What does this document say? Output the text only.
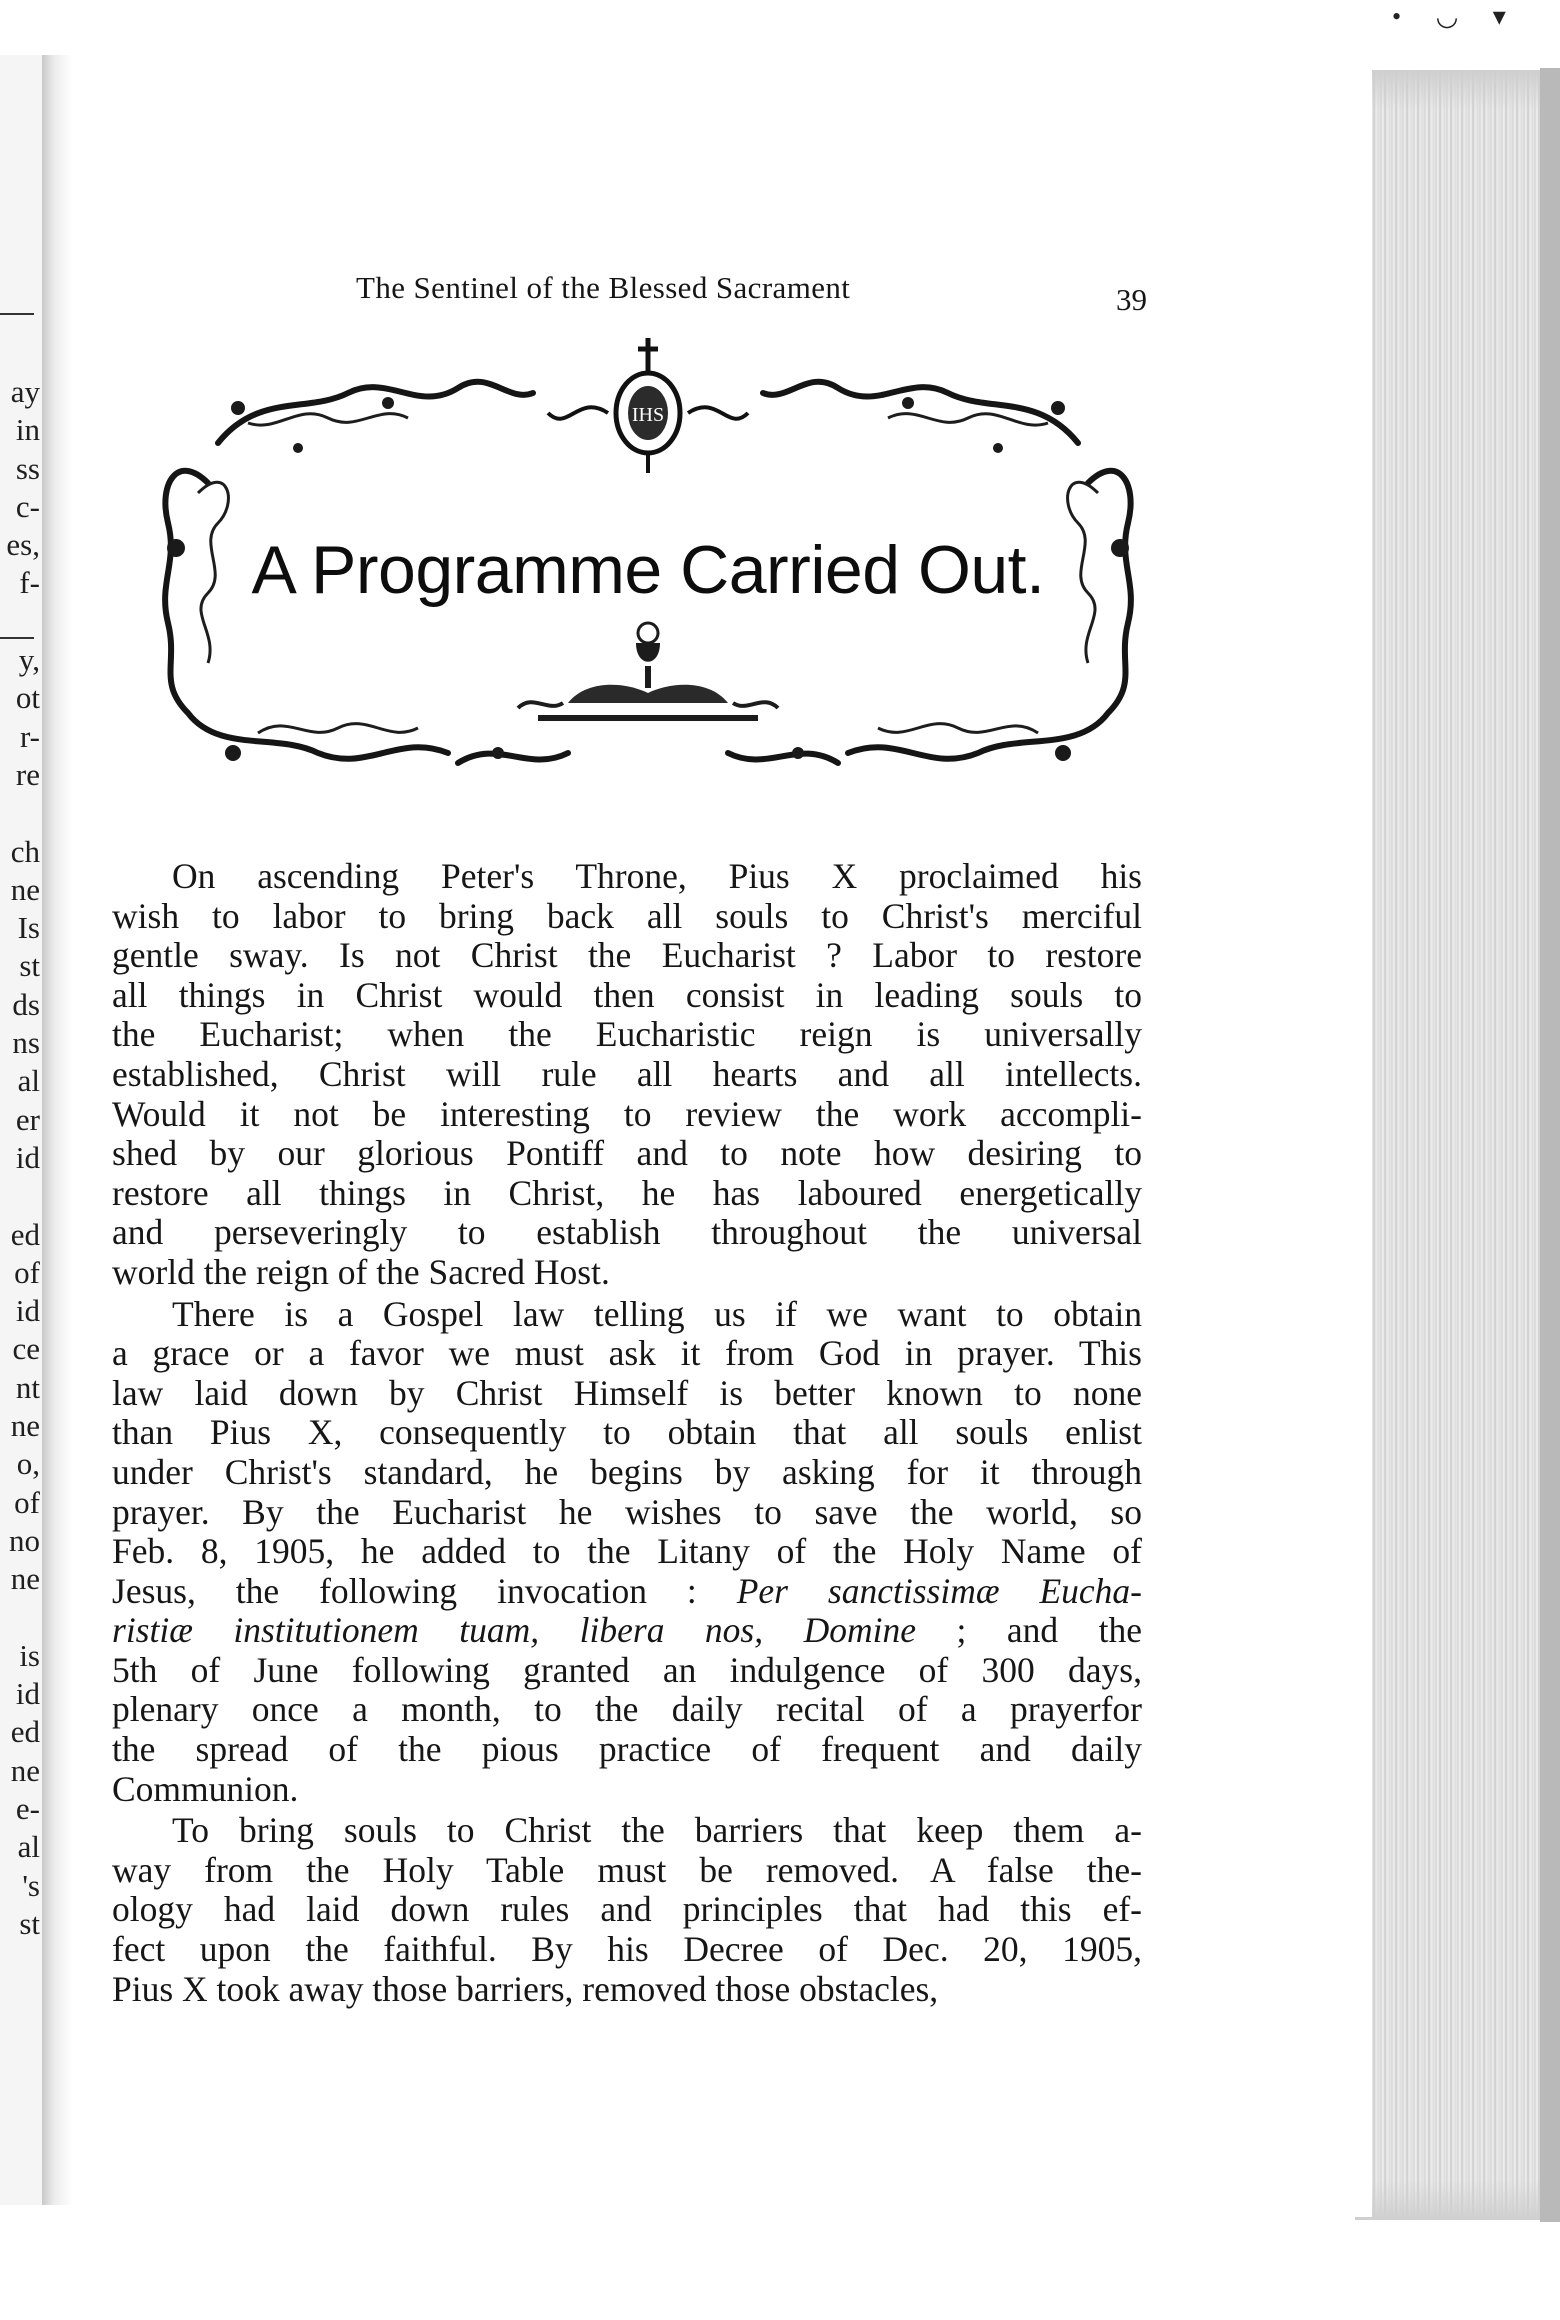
ay
in
ss
c-
es,
f-

y,
ot
r-
re

ch
ne
Is
st
ds
ns
al
er
id

ed
of
id
ce
nt
ne
o,
of
no
ne

is
id
ed
ne
e-
al
's
st
The Sentinel of the Blessed Sacrament	39
IHS
A Programme Carried Out.
On ascending Peter's Throne, Pius X proclaimed his
wish to labor to bring back all souls to Christ's merciful
gentle sway. Is not Christ the Eucharist ? Labor to restore
all things in Christ would then consist in leading souls to
the Eucharist; when the Eucharistic reign is universally
established, Christ will rule all hearts and all intellects.
Would it not be interesting to review the work accompli-
shed by our glorious Pontiff and to note how desiring to
restore all things in Christ, he has laboured energetically
and perseveringly to establish throughout the universal
world the reign of the Sacred Host.
There is a Gospel law telling us if we want to obtain
a grace or a favor we must ask it from God in prayer. This
law laid down by Christ Himself is better known to none
than Pius X, consequently to obtain that all souls enlist
under Christ's standard, he begins by asking for it through
prayer. By the Eucharist he wishes to save the world, so
Feb. 8, 1905, he added to the Litany of the Holy Name of
Jesus, the following invocation : Per sanctissimæ Eucha-
ristiæ institutionem tuam, libera nos, Domine ; and the
5th of June following granted an indulgence of 300 days,
plenary once a month, to the daily recital of a prayerfor
the spread of the pious practice of frequent and daily
Communion.
To bring souls to Christ the barriers that keep them a-
way from the Holy Table must be removed. A false the-
ology had laid down rules and principles that had this ef-
fect upon the faithful. By his Decree of Dec. 20, 1905,
Pius X took away those barriers, removed those obstacles,
• ◡ ▾
